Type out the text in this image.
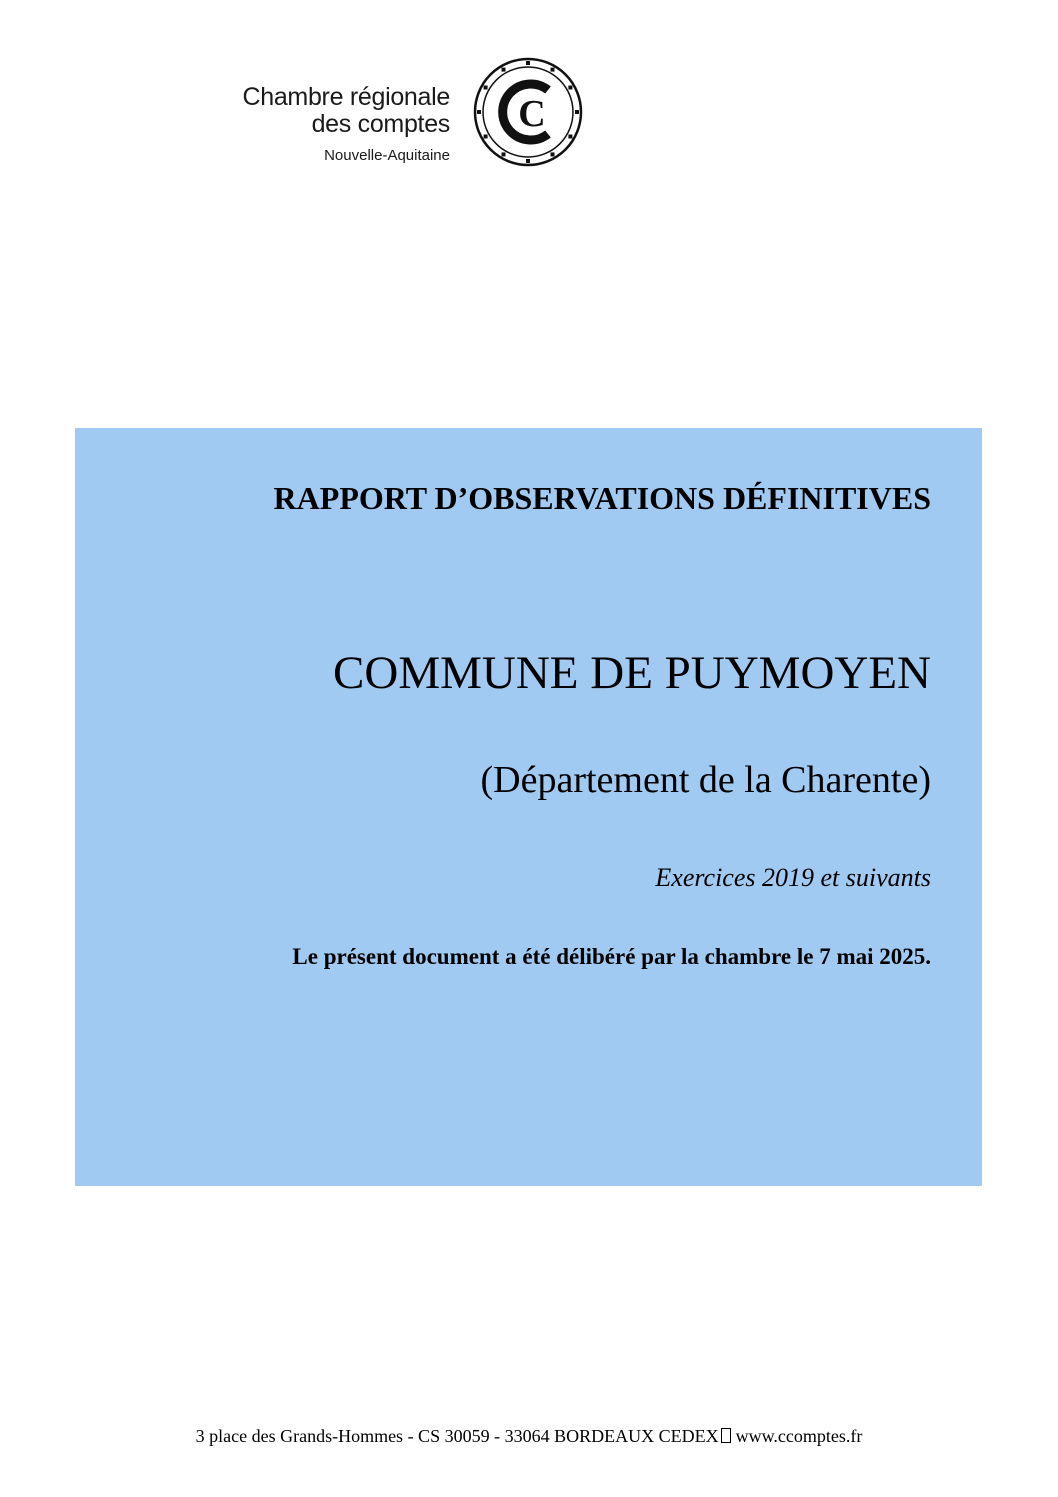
Chambre régionale
des comptes
Nouvelle-Aquitaine
C
RAPPORT D’OBSERVATIONS DÉFINITIVES
COMMUNE DE PUYMOYEN
(Département de la Charente)
Exercices 2019 et suivants
Le présent document a été délibéré par la chambre le 7 mai 2025.
3 place des Grands-Hommes - CS 30059 - 33064 BORDEAUX CEDEX www.ccomptes.fr
